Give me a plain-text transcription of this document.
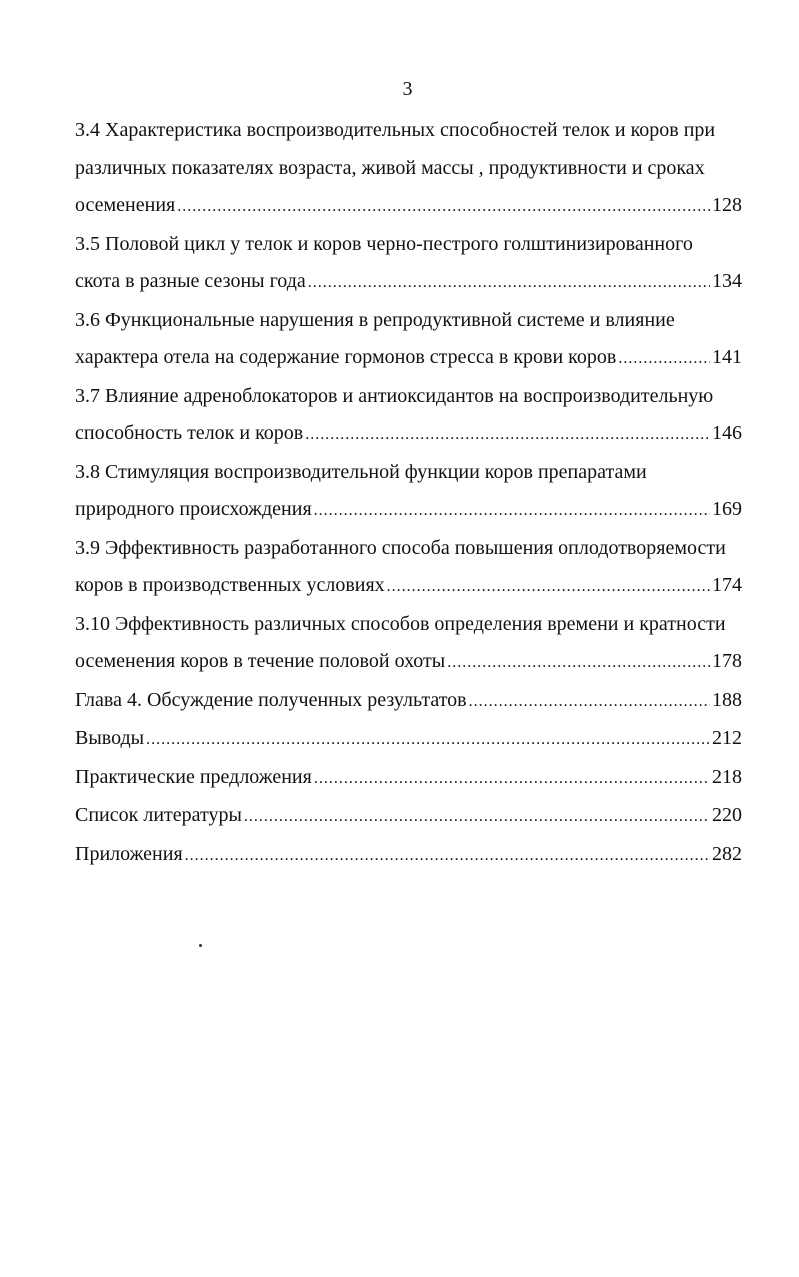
3
3.4 Характеристика воспроизводительных способностей телок и коров при
различных показателях возраста, живой массы , продуктивности и сроках
осеменения .....	128
3.5 Половой цикл у телок и коров черно-пестрого голштинизированного
скота в разные сезоны года .....	134
3.6 Функциональные нарушения в репродуктивной системе и влияние
характера отела на содержание гормонов стресса в крови коров .....	141
3.7 Влияние адреноблокаторов и антиоксидантов на воспроизводительную
способность телок и коров .....	146
3.8 Стимуляция воспроизводительной функции коров препаратами
природного происхождения .....	169
3.9 Эффективность разработанного способа повышения оплодотворяемости
коров в производственных условиях .....	174
3.10 Эффективность различных способов определения времени и кратности
осеменения коров в течение половой охоты .....	178
Глава 4. Обсуждение полученных результатов .....	188
Выводы .....	212
Практические предложения .....	218
Список литературы .....	220
Приложения .....	282
